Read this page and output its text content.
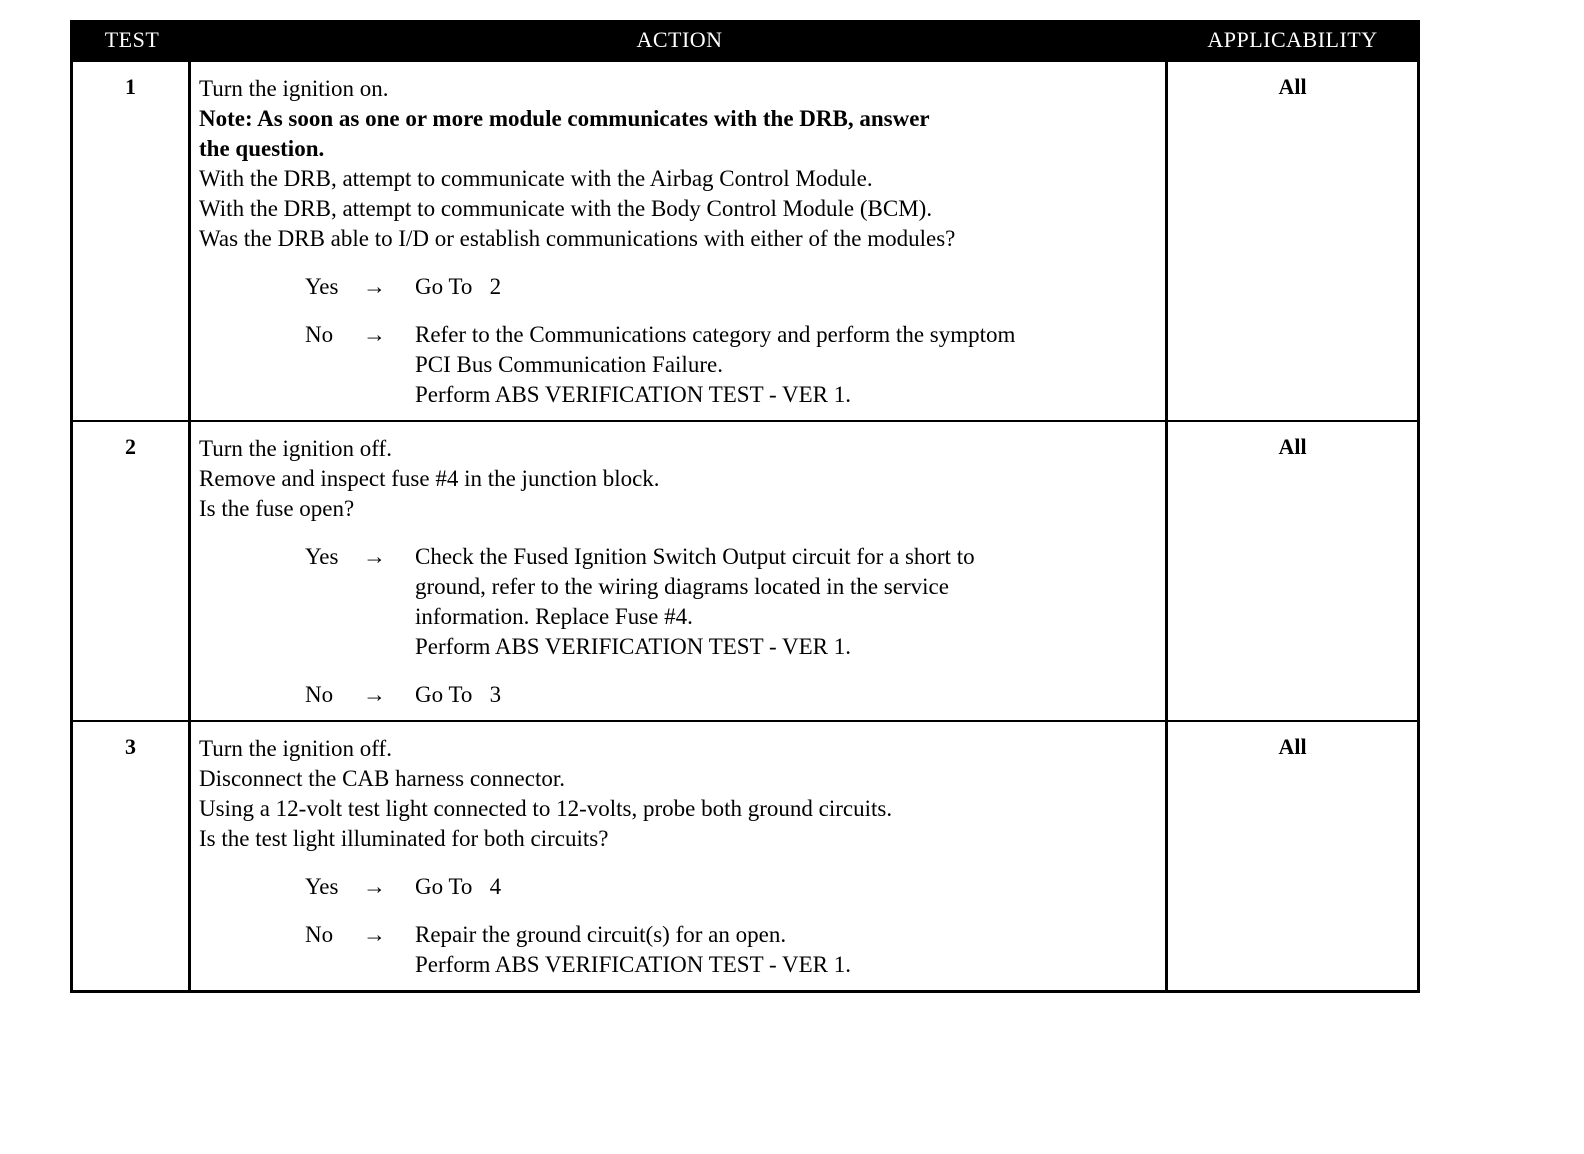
TEST	ACTION	APPLICABILITY
1	Turn the ignition on.
Note: As soon as one or more module communicates with the DRB, answer
the question.
With the DRB, attempt to communicate with the Airbag Control Module.
With the DRB, attempt to communicate with the Body Control Module (BCM).
Was the DRB able to I/D or establish communications with either of the modules?
Yes	→	Go To   2
No	→	Refer to the Communications category and perform the symptom
PCI Bus Communication Failure.
Perform ABS VERIFICATION TEST - VER 1.
All
2	Turn the ignition off.
Remove and inspect fuse #4 in the junction block.
Is the fuse open?
Yes	→	Check the Fused Ignition Switch Output circuit for a short to
ground, refer to the wiring diagrams located in the service
information. Replace Fuse #4.
Perform ABS VERIFICATION TEST - VER 1.
No	→	Go To   3
All
3	Turn the ignition off.
Disconnect the CAB harness connector.
Using a 12-volt test light connected to 12-volts, probe both ground circuits.
Is the test light illuminated for both circuits?
Yes	→	Go To   4
No	→	Repair the ground circuit(s) for an open.
Perform ABS VERIFICATION TEST - VER 1.
All
